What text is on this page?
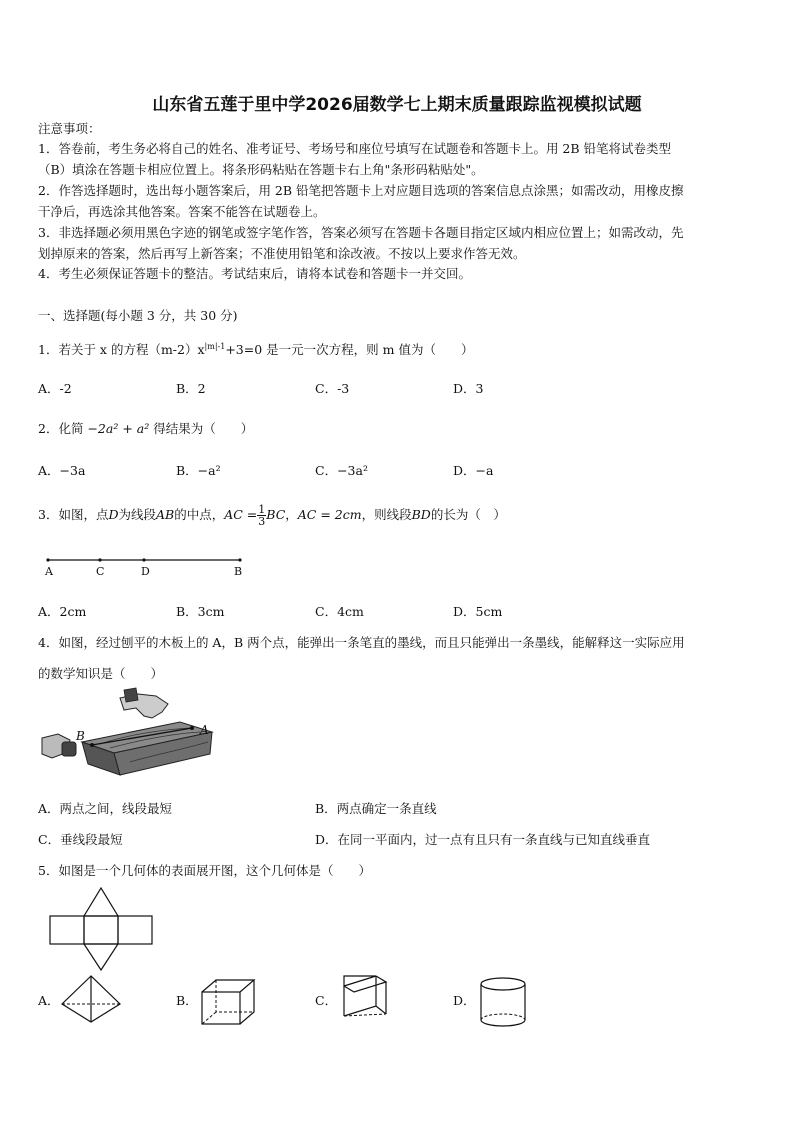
山东省五莲于里中学2026届数学七上期末质量跟踪监视模拟试题
注意事项：
1．答卷前，考生务必将自己的姓名、准考证号、考场号和座位号填写在试题卷和答题卡上。用 2B 铅笔将试卷类型
（B）填涂在答题卡相应位置上。将条形码粘贴在答题卡右上角"条形码粘贴处"。
2．作答选择题时，选出每小题答案后，用 2B 铅笔把答题卡上对应题目选项的答案信息点涂黑；如需改动，用橡皮擦
干净后，再选涂其他答案。答案不能答在试题卷上。
3．非选择题必须用黑色字迹的钢笔或签字笔作答，答案必须写在答题卡各题目指定区域内相应位置上；如需改动，先
划掉原来的答案，然后再写上新答案；不准使用铅笔和涂改液。不按以上要求作答无效。
4．考生必须保证答题卡的整洁。考试结束后，请将本试卷和答题卡一并交回。
一、选择题(每小题 3 分，共 30 分)
1．若关于 x 的方程$(m-2)x^{|m|-1}+3=0$ 是一元一次方程，则 m 值为（　　）
A．-2	B．2	C．-3	D．3
2．化简 −2a² + a² 得结果为（　　）
A．−3a	B．−a²	C．−3a²	D．−a
3．如图，点D为线段AB的中点，AC = $\frac{1}{3}$ BC，AC = 2cm，则线段BD的长为（　）
A	C	D	B
A．2cm	B．3cm	C．4cm	D．5cm
4．如图，经过刨平的木板上的 A，B 两个点，能弹出一条笔直的墨线，而且只能弹出一条墨线，能解释这一实际应用
的数学知识是（　　）
B	A
A．两点之间，线段最短	B．两点确定一条直线
C．垂线段最短	D．在同一平面内，过一点有且只有一条直线与已知直线垂直
5．如图是一个几何体的表面展开图，这个几何体是（　　）
A．	B．	C．	D．
